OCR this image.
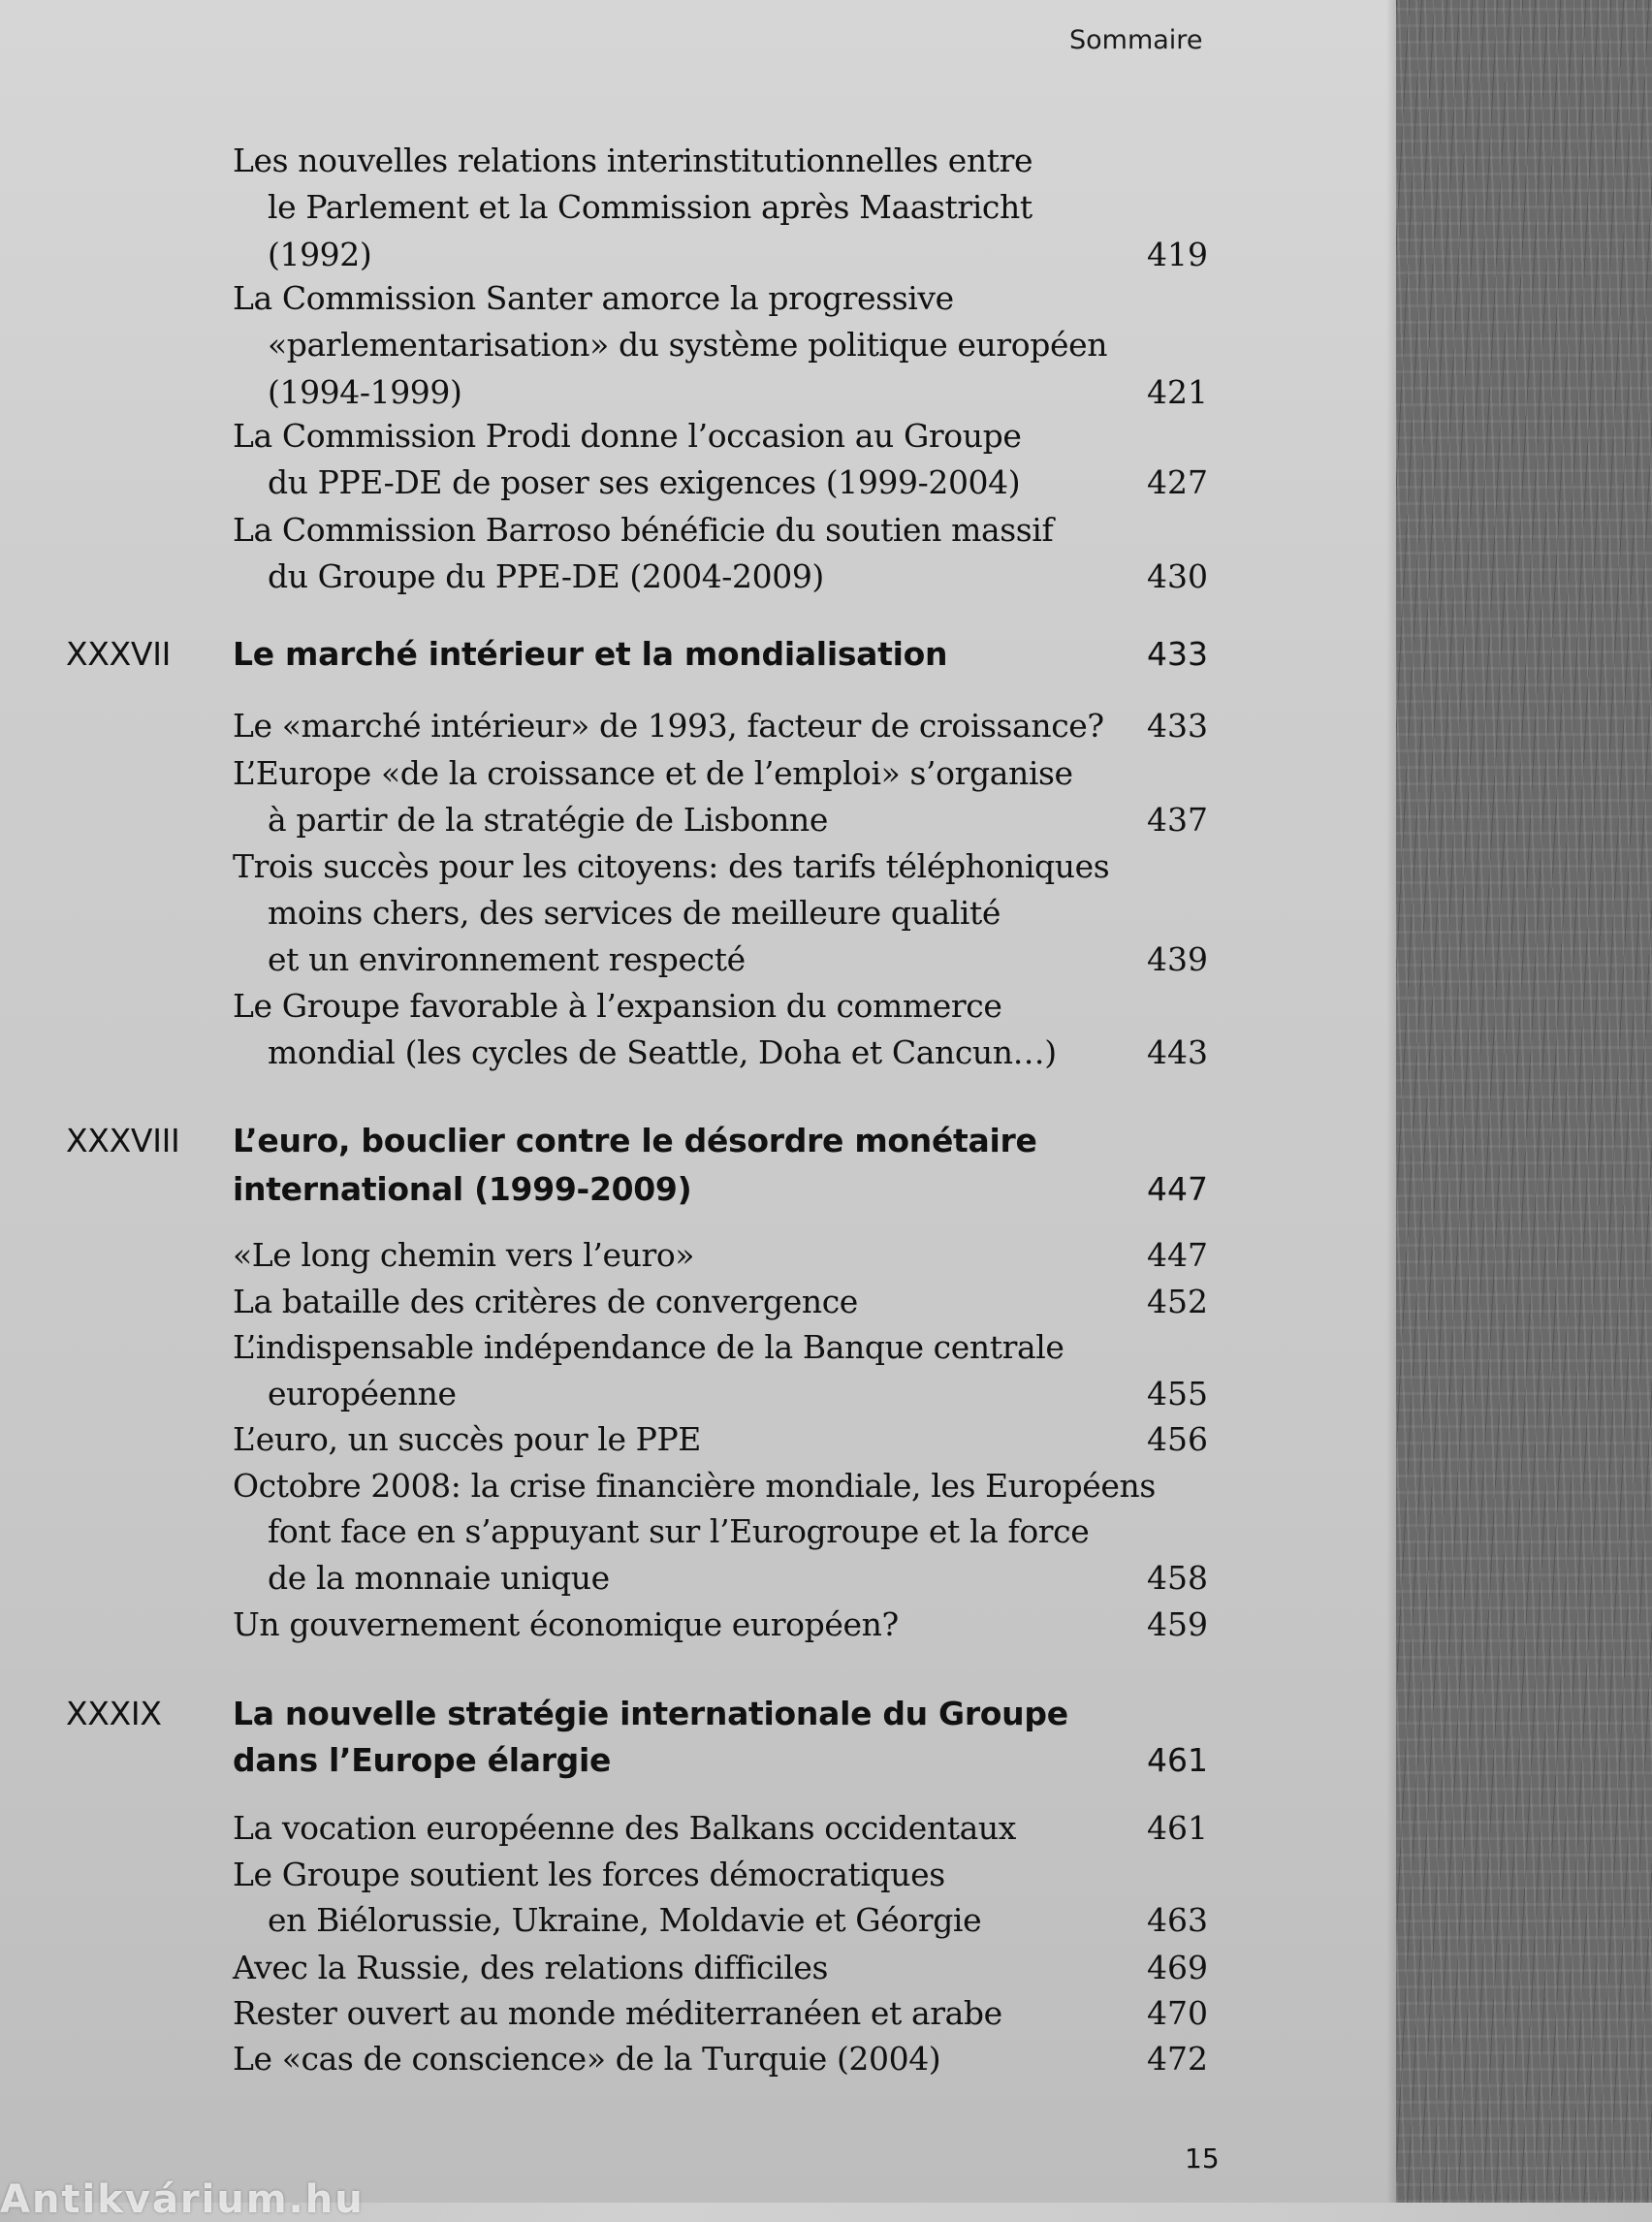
Sommaire
Les nouvelles relations interinstitutionnelles entre
le Parlement et la Commission après Maastricht
(1992)	419
La Commission Santer amorce la progressive
«parlementarisation» du système politique européen
(1994-1999)	421
La Commission Prodi donne l’occasion au Groupe
du PPE-DE de poser ses exigences (1999-2004)	427
La Commission Barroso bénéficie du soutien massif
du Groupe du PPE-DE (2004-2009)	430
XXXVII Le marché intérieur et la mondialisation	433
Le «marché intérieur» de 1993, facteur de croissance?	433
L’Europe «de la croissance et de l’emploi» s’organise
à partir de la stratégie de Lisbonne	437
Trois succès pour les citoyens: des tarifs téléphoniques
moins chers, des services de meilleure qualité
et un environnement respecté	439
Le Groupe favorable à l’expansion du commerce
mondial (les cycles de Seattle, Doha et Cancun…)	443
XXXVIII L’euro, bouclier contre le désordre monétaire
international (1999-2009)	447
«Le long chemin vers l’euro»	447
La bataille des critères de convergence	452
L’indispensable indépendance de la Banque centrale
européenne	455
L’euro, un succès pour le PPE	456
Octobre 2008: la crise financière mondiale, les Européens
font face en s’appuyant sur l’Eurogroupe et la force
de la monnaie unique	458
Un gouvernement économique européen?	459
XXXIX La nouvelle stratégie internationale du Groupe
dans l’Europe élargie	461
La vocation européenne des Balkans occidentaux	461
Le Groupe soutient les forces démocratiques
en Biélorussie, Ukraine, Moldavie et Géorgie	463
Avec la Russie, des relations difficiles	469
Rester ouvert au monde méditerranéen et arabe	470
Le «cas de conscience» de la Turquie (2004)	472
15
Antikvárium.hu
